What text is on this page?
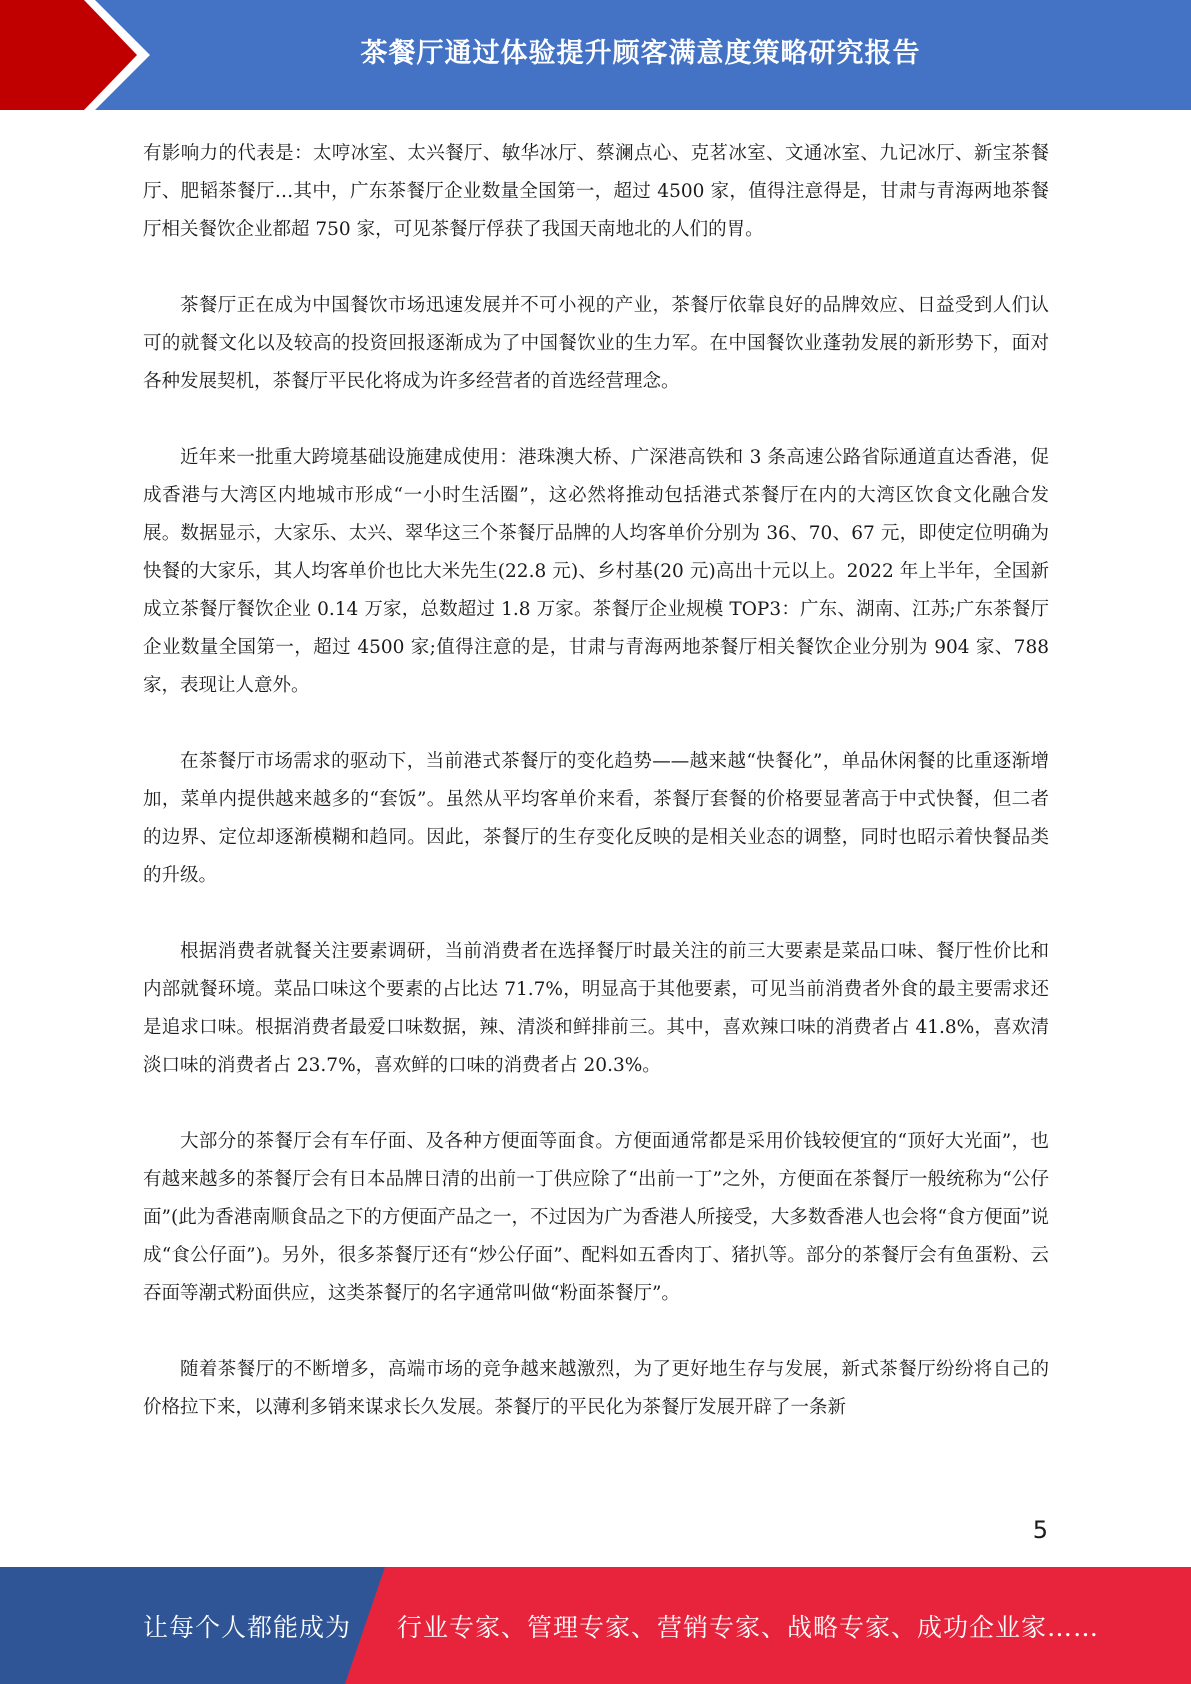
茶餐厅通过体验提升顾客满意度策略研究报告

有影响力的代表是：太哼冰室、太兴餐厅、敏华冰厅、蔡澜点心、克茗冰室、文通冰室、九记冰厅、新宝茶餐厅、肥韬茶餐厅…其中，广东茶餐厅企业数量全国第一，超过 4500 家，值得注意得是，甘肃与青海两地茶餐厅相关餐饮企业都超 750 家，可见茶餐厅俘获了我国天南地北的人们的胃。

茶餐厅正在成为中国餐饮市场迅速发展并不可小视的产业，茶餐厅依靠良好的品牌效应、日益受到人们认可的就餐文化以及较高的投资回报逐渐成为了中国餐饮业的生力军。在中国餐饮业蓬勃发展的新形势下，面对各种发展契机，茶餐厅平民化将成为许多经营者的首选经营理念。

近年来一批重大跨境基础设施建成使用：港珠澳大桥、广深港高铁和 3 条高速公路省际通道直达香港，促成香港与大湾区内地城市形成“一小时生活圈”，这必然将推动包括港式茶餐厅在内的大湾区饮食文化融合发展。数据显示，大家乐、太兴、翠华这三个茶餐厅品牌的人均客单价分别为 36、70、67 元，即使定位明确为快餐的大家乐，其人均客单价也比大米先生(22.8 元)、乡村基(20 元)高出十元以上。2022 年上半年，全国新成立茶餐厅餐饮企业 0.14 万家，总数超过 1.8 万家。茶餐厅企业规模 TOP3：广东、湖南、江苏;广东茶餐厅企业数量全国第一，超过 4500 家;值得注意的是，甘肃与青海两地茶餐厅相关餐饮企业分别为 904 家、788 家，表现让人意外。

在茶餐厅市场需求的驱动下，当前港式茶餐厅的变化趋势——越来越“快餐化”，单品休闲餐的比重逐渐增加，菜单内提供越来越多的“套饭”。虽然从平均客单价来看，茶餐厅套餐的价格要显著高于中式快餐，但二者的边界、定位却逐渐模糊和趋同。因此，茶餐厅的生存变化反映的是相关业态的调整，同时也昭示着快餐品类的升级。

根据消费者就餐关注要素调研，当前消费者在选择餐厅时最关注的前三大要素是菜品口味、餐厅性价比和内部就餐环境。菜品口味这个要素的占比达 71.7%，明显高于其他要素，可见当前消费者外食的最主要需求还是追求口味。根据消费者最爱口味数据，辣、清淡和鲜排前三。其中，喜欢辣口味的消费者占 41.8%，喜欢清淡口味的消费者占 23.7%，喜欢鲜的口味的消费者占 20.3%。

大部分的茶餐厅会有车仔面、及各种方便面等面食。方便面通常都是采用价钱较便宜的“顶好大光面”，也有越来越多的茶餐厅会有日本品牌日清的出前一丁供应除了“出前一丁”之外，方便面在茶餐厅一般统称为“公仔面”(此为香港南顺食品之下的方便面产品之一，不过因为广为香港人所接受，大多数香港人也会将“食方便面”说成“食公仔面”)。另外，很多茶餐厅还有“炒公仔面”、配料如五香肉丁、猪扒等。部分的茶餐厅会有鱼蛋粉、云吞面等潮式粉面供应，这类茶餐厅的名字通常叫做“粉面茶餐厅”。

随着茶餐厅的不断增多，高端市场的竞争越来越激烈，为了更好地生存与发展，新式茶餐厅纷纷将自己的价格拉下来，以薄利多销来谋求长久发展。茶餐厅的平民化为茶餐厅发展开辟了一条新

5
让每个人都能成为 行业专家、管理专家、营销专家、战略专家、成功企业家……
